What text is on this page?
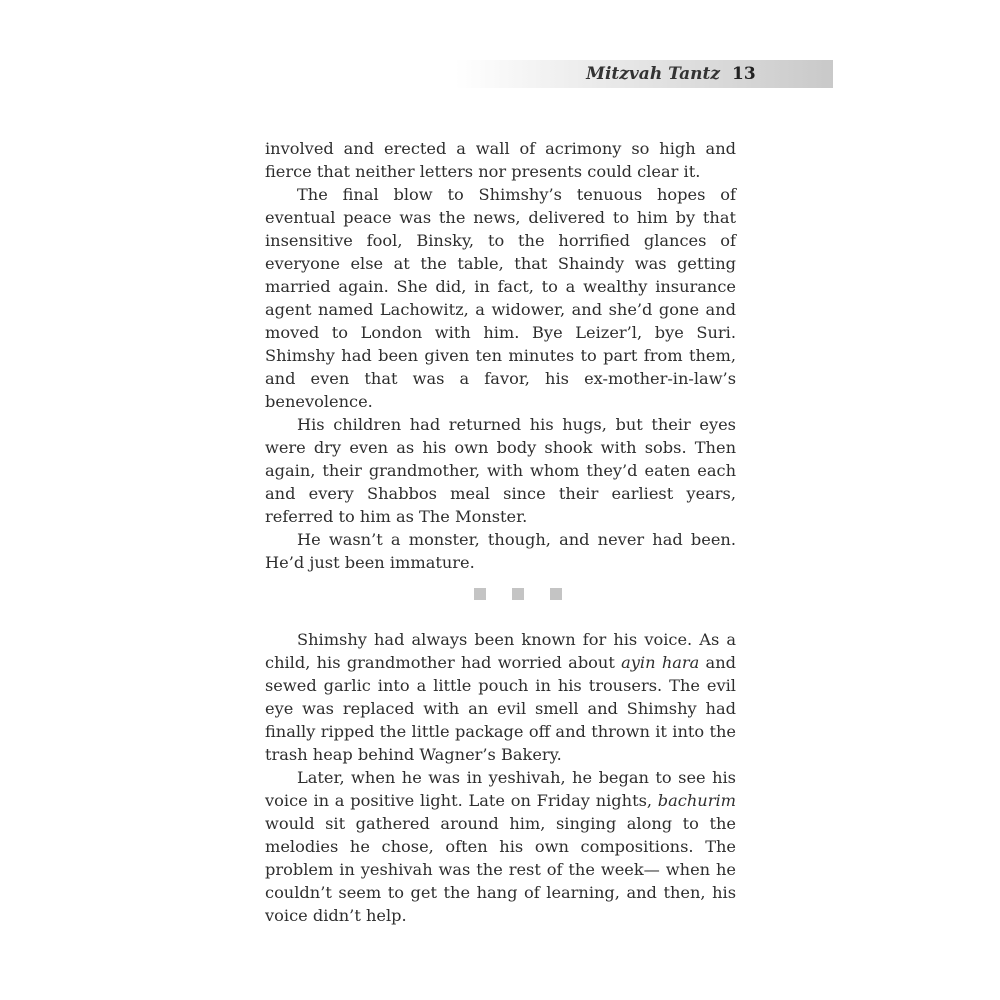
Mitzvah Tantz 13

involved and erected a wall of acrimony so high and fierce that neither letters nor presents could clear it.

The final blow to Shimshy’s tenuous hopes of eventual peace was the news, delivered to him by that insensitive fool, Binsky, to the horrified glances of everyone else at the table, that Shaindy was getting married again. She did, in fact, to a wealthy insurance agent named Lachowitz, a widower, and she’d gone and moved to London with him. Bye Leizer’l, bye Suri. Shimshy had been given ten minutes to part from them, and even that was a favor, his ex-mother-in-law’s benevolence.

His children had returned his hugs, but their eyes were dry even as his own body shook with sobs. Then again, their grandmother, with whom they’d eaten each and every Shabbos meal since their earliest years, referred to him as The Monster.

He wasn’t a monster, though, and never had been. He’d just been immature.

Shimshy had always been known for his voice. As a child, his grandmother had worried about ayin hara and sewed garlic into a little pouch in his trousers. The evil eye was replaced with an evil smell and Shimshy had finally ripped the little package off and thrown it into the trash heap behind Wagner’s Bakery.

Later, when he was in yeshivah, he began to see his voice in a positive light. Late on Friday nights, bachurim would sit gathered around him, singing along to the melodies he chose, often his own compositions. The problem in yeshivah was the rest of the week— when he couldn’t seem to get the hang of learning, and then, his voice didn’t help.
